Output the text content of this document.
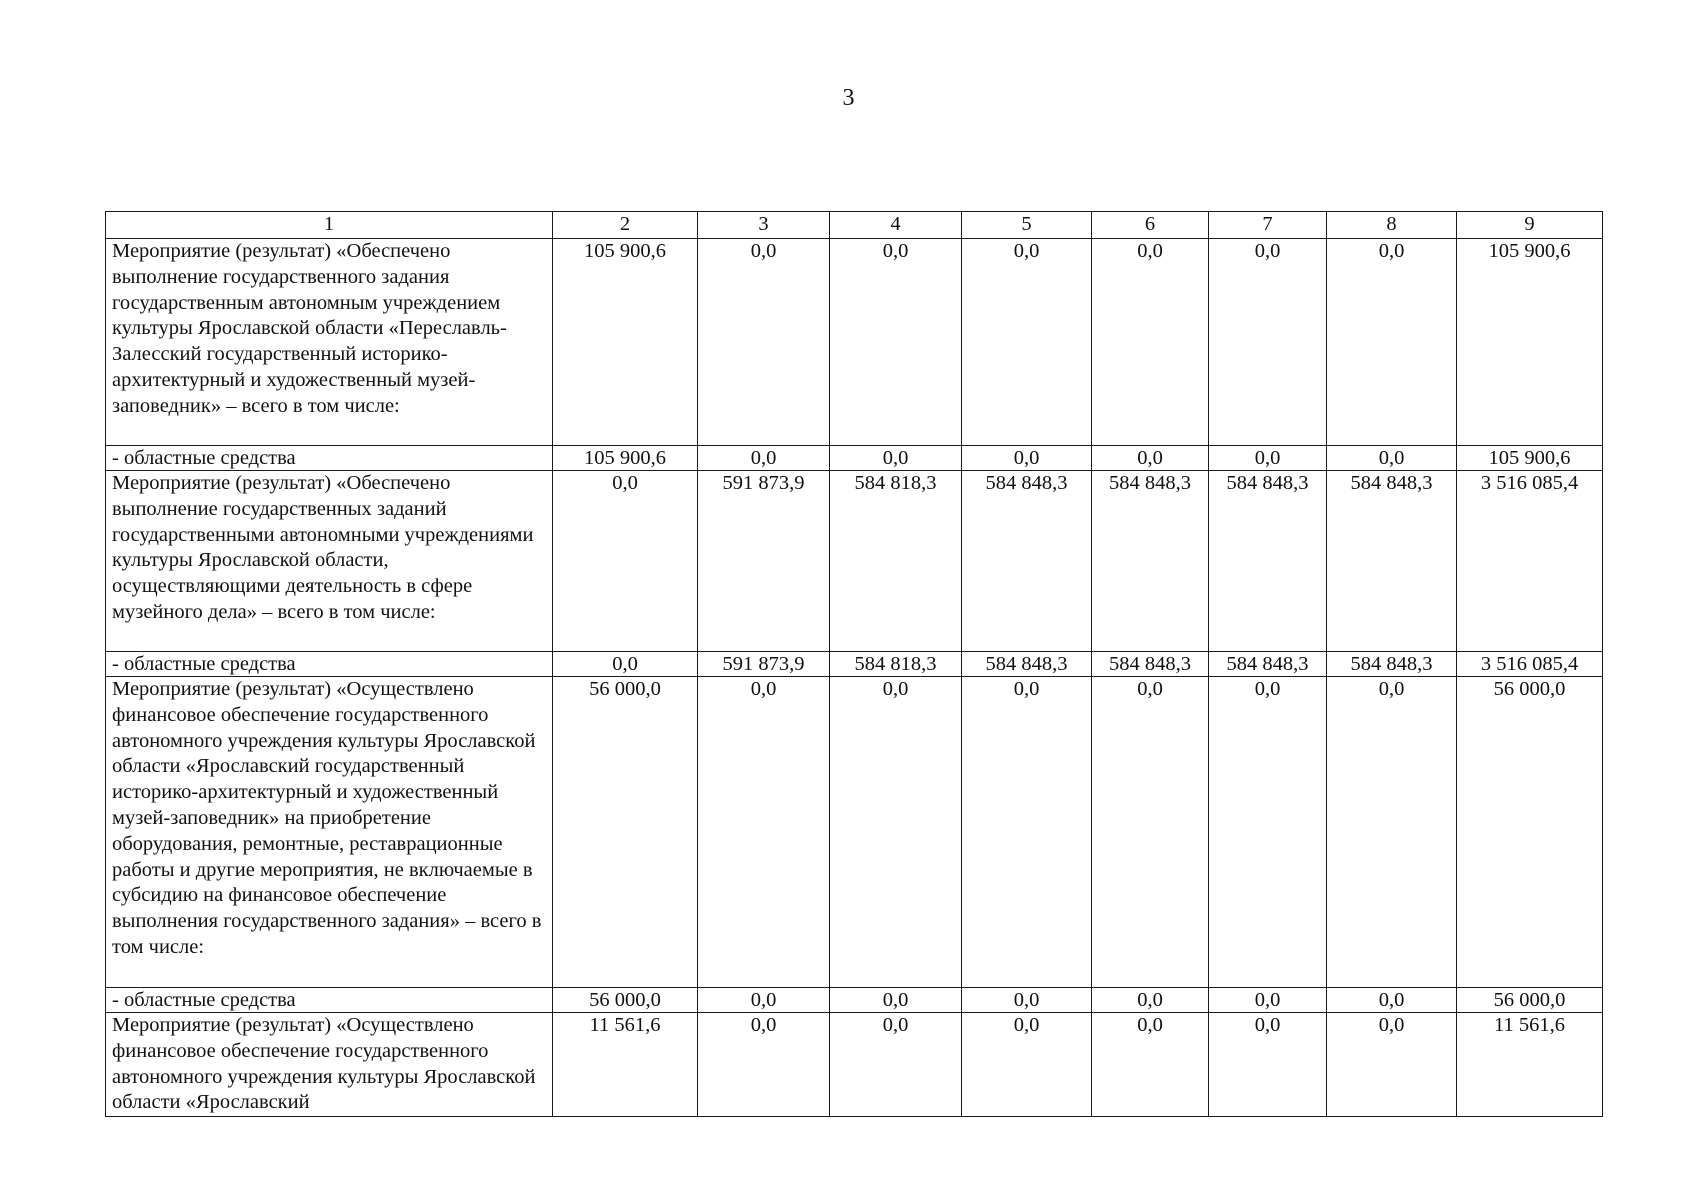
3
1	2	3	4	5	6	7	8	9
Мероприятие (результат) «Обеспечено выполнение государственного задания государственным автономным учреждением культуры Ярославской области «Переславль-Залесский государственный историко-архитектурный и художественный музей-заповедник» – всего в том числе:	105 900,6	0,0	0,0	0,0	0,0	0,0	0,0	105 900,6
- областные средства	105 900,6	0,0	0,0	0,0	0,0	0,0	0,0	105 900,6
Мероприятие (результат) «Обеспечено выполнение государственных заданий государственными автономными учреждениями культуры Ярославской области, осуществляющими деятельность в сфере музейного дела» – всего в том числе:	0,0	591 873,9	584 818,3	584 848,3	584 848,3	584 848,3	584 848,3	3 516 085,4
- областные средства	0,0	591 873,9	584 818,3	584 848,3	584 848,3	584 848,3	584 848,3	3 516 085,4
Мероприятие (результат) «Осуществлено финансовое обеспечение государственного автономного учреждения культуры Ярославской области «Ярославский государственный историко-архитектурный и художественный музей-заповедник» на приобретение оборудования, ремонтные, реставрационные работы и другие мероприятия, не включаемые в субсидию на финансовое обеспечение выполнения государственного задания» – всего в том числе:	56 000,0	0,0	0,0	0,0	0,0	0,0	0,0	56 000,0
- областные средства	56 000,0	0,0	0,0	0,0	0,0	0,0	0,0	56 000,0
Мероприятие (результат) «Осуществлено финансовое обеспечение государственного автономного учреждения культуры Ярославской области «Ярославский	11 561,6	0,0	0,0	0,0	0,0	0,0	0,0	11 561,6
